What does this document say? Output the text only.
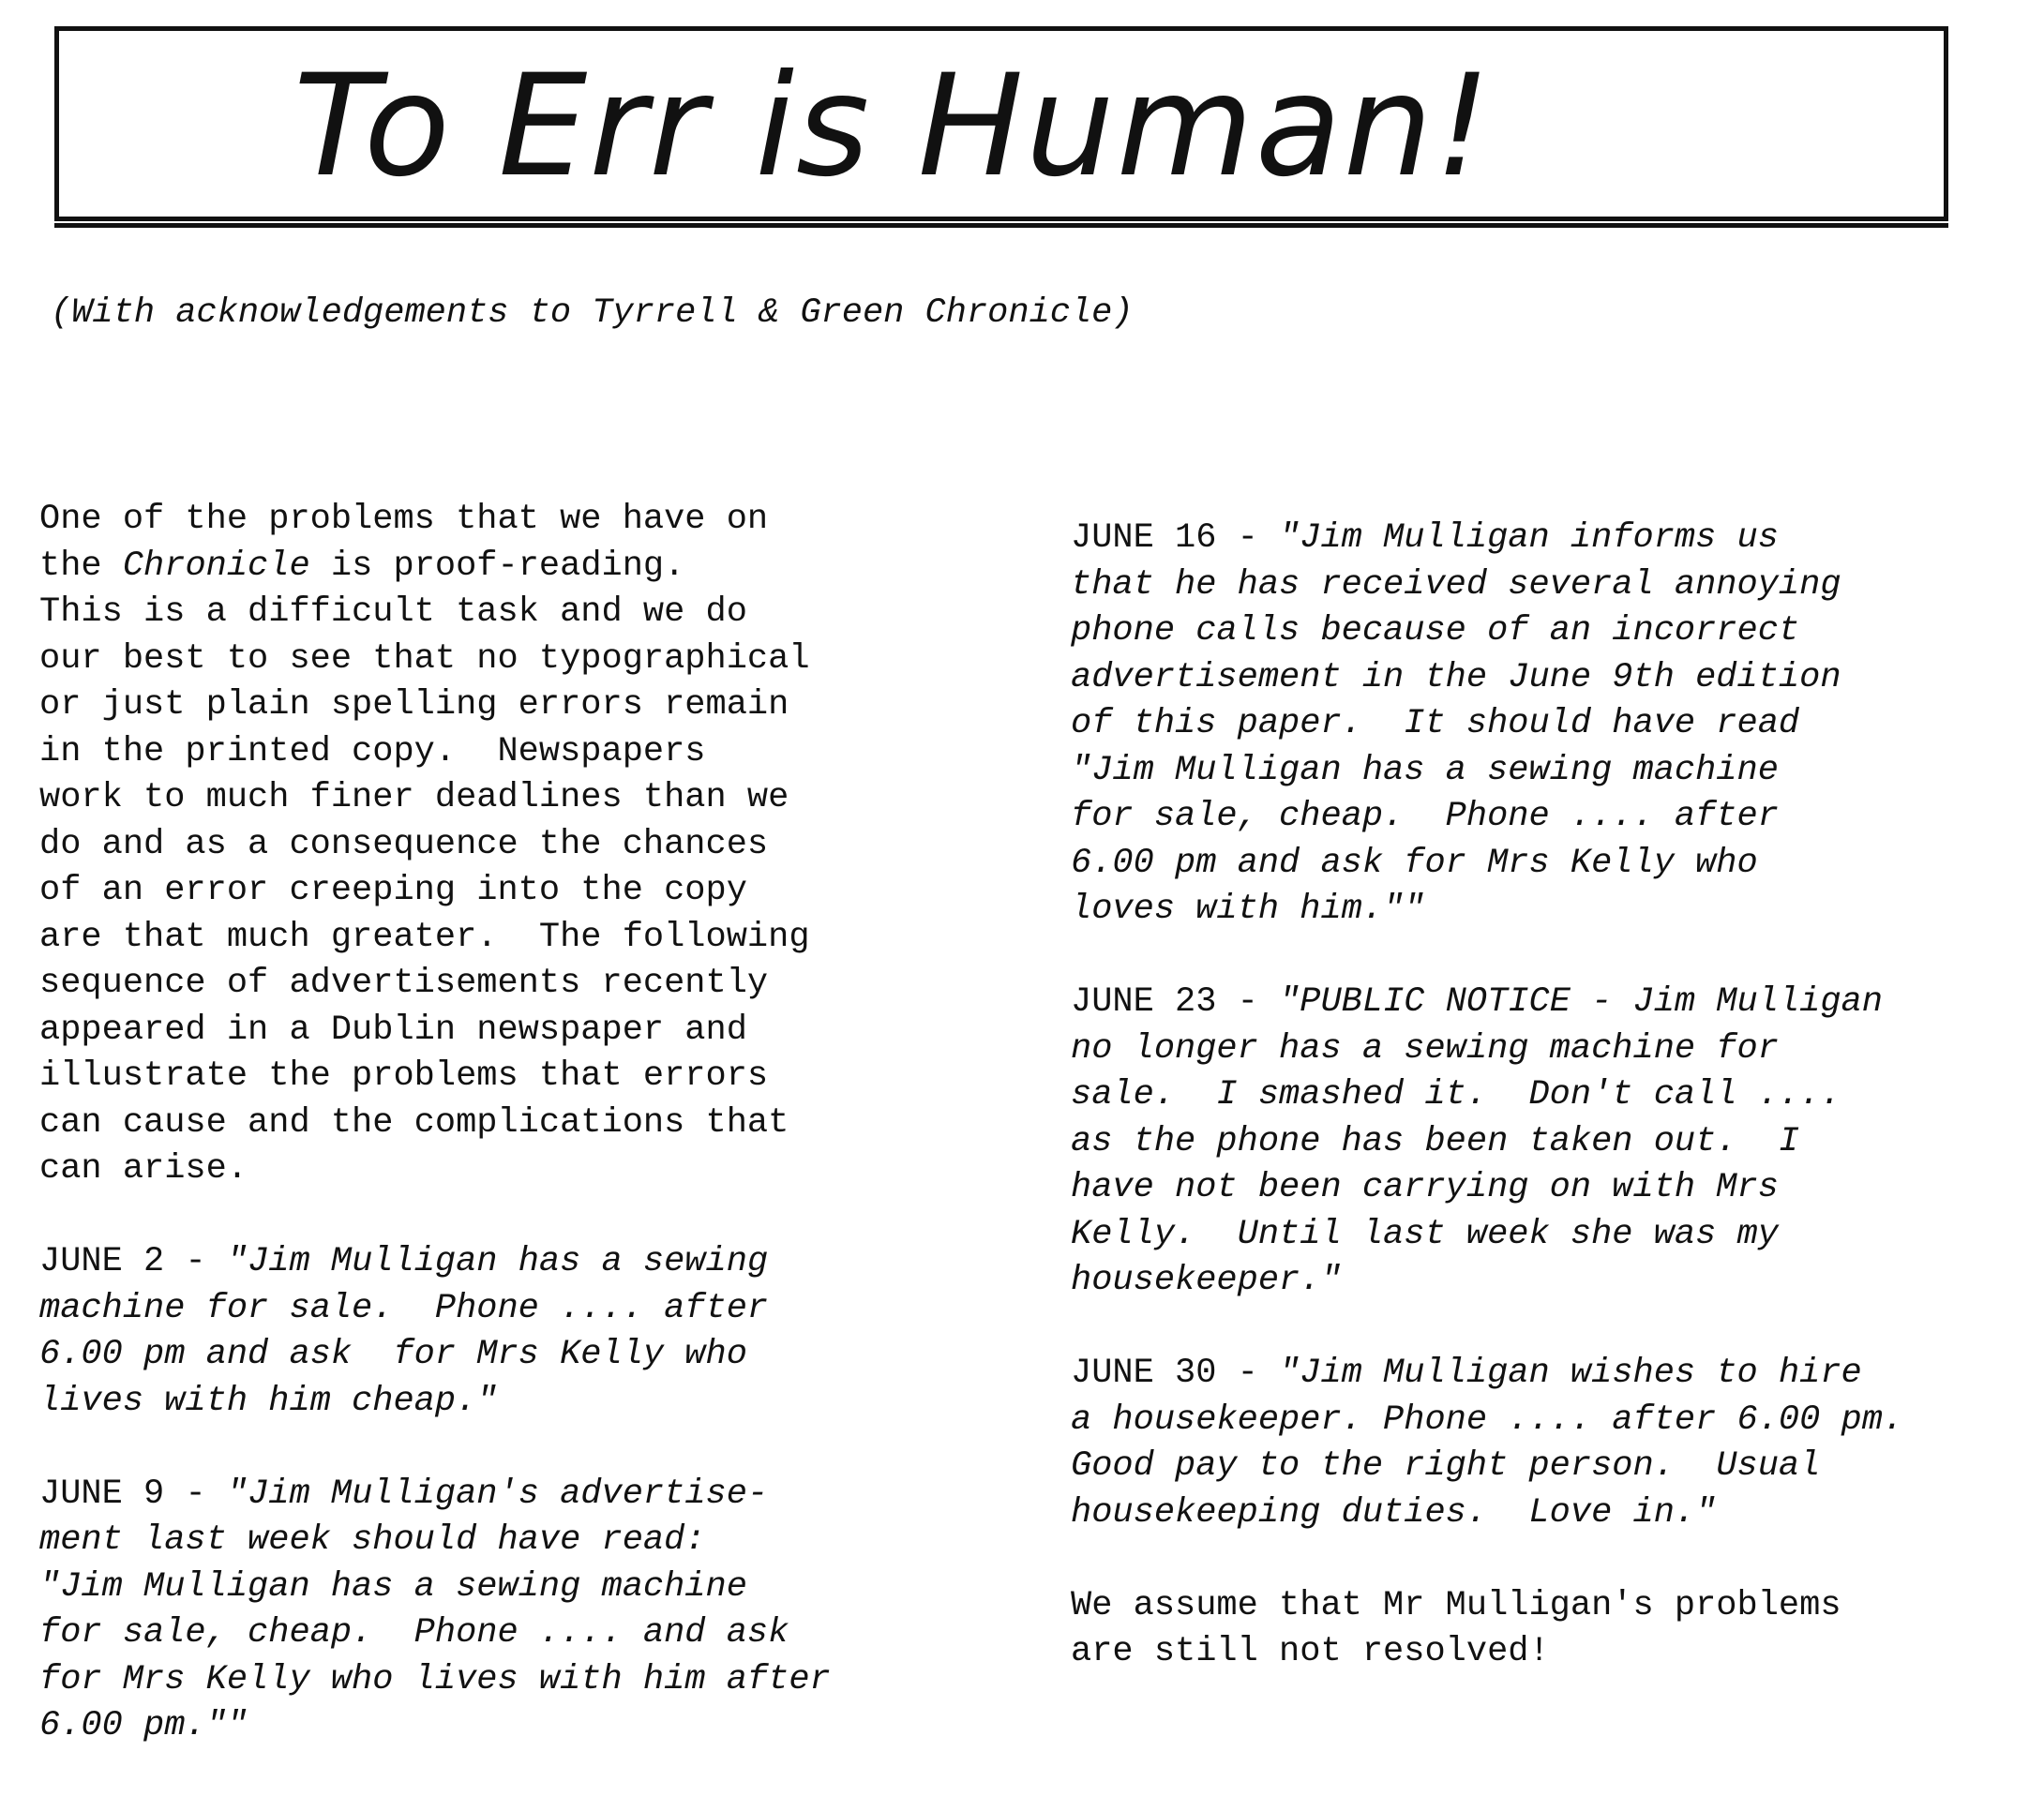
To Err is Human!
(With acknowledgements to Tyrrell & Green Chronicle)
One of the problems that we have on
the Chronicle is proof-reading.
This is a difficult task and we do
our best to see that no typographical
or just plain spelling errors remain
in the printed copy.  Newspapers
work to much finer deadlines than we
do and as a consequence the chances
of an error creeping into the copy
are that much greater.  The following
sequence of advertisements recently
appeared in a Dublin newspaper and
illustrate the problems that errors
can cause and the complications that
can arise.
JUNE 2 - "Jim Mulligan has a sewing
machine for sale.  Phone .... after
6.00 pm and ask  for Mrs Kelly who
lives with him cheap."
JUNE 9 - "Jim Mulligan's advertise-
ment last week should have read:
"Jim Mulligan has a sewing machine
for sale, cheap.  Phone .... and ask
for Mrs Kelly who lives with him after
6.00 pm.""
JUNE 16 - "Jim Mulligan informs us
that he has received several annoying
phone calls because of an incorrect
advertisement in the June 9th edition
of this paper.  It should have read
"Jim Mulligan has a sewing machine
for sale, cheap.  Phone .... after
6.00 pm and ask for Mrs Kelly who
loves with him.""
JUNE 23 - "PUBLIC NOTICE - Jim Mulligan
no longer has a sewing machine for
sale.  I smashed it.  Don't call ....
as the phone has been taken out.  I
have not been carrying on with Mrs
Kelly.  Until last week she was my
housekeeper."
JUNE 30 - "Jim Mulligan wishes to hire
a housekeeper. Phone .... after 6.00 pm.
Good pay to the right person.  Usual
housekeeping duties.  Love in."
We assume that Mr Mulligan's problems
are still not resolved!
